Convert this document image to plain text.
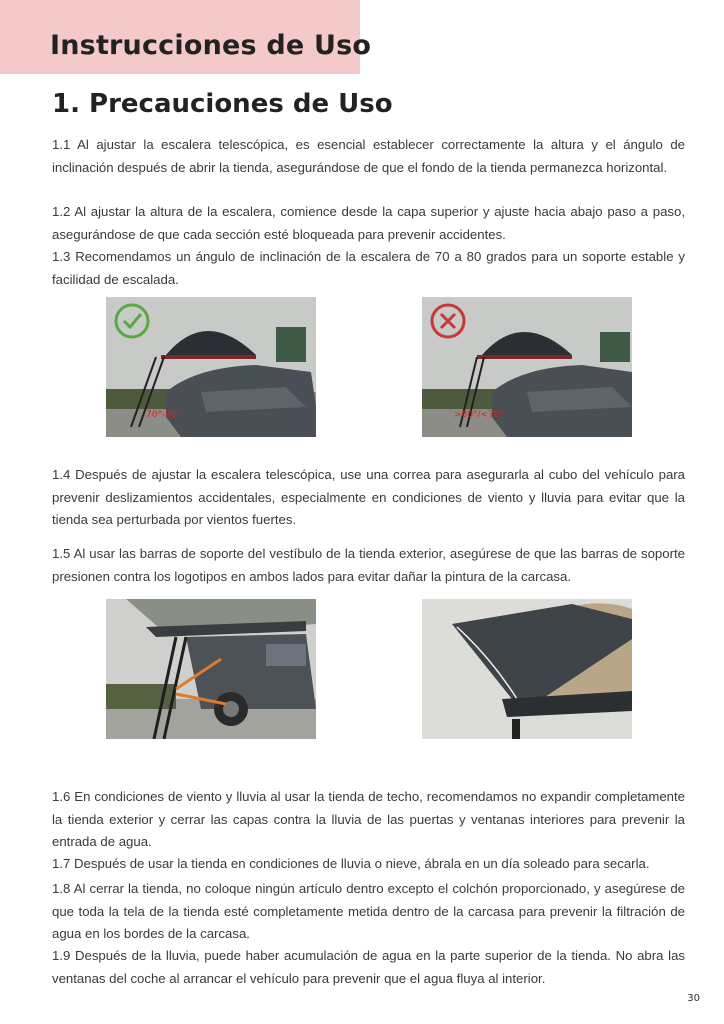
Instrucciones de Uso
1. Precauciones de Uso
1.1 Al ajustar la escalera telescópica, es esencial establecer correctamente la altura y el ángulo de inclinación después de abrir la tienda, asegurándose de que el fondo de la tienda permanezca horizontal.
1.2 Al ajustar la altura de la escalera, comience desde la capa superior y ajuste hacia abajo paso a paso, asegurándose de que cada sección esté bloqueada para prevenir accidentes.
1.3 Recomendamos un ángulo de inclinación de la escalera de 70 a 80 grados para un soporte estable y facilidad de escalada.
70°-80°	>80°/<70°
1.4 Después de ajustar la escalera telescópica, use una correa para asegurarla al cubo del vehículo para prevenir deslizamientos accidentales, especialmente en condiciones de viento y lluvia para evitar que la tienda sea perturbada por vientos fuertes.
1.5 Al usar las barras de soporte del vestíbulo de la tienda exterior, asegúrese de que las barras de soporte presionen contra los logotipos en ambos lados para evitar dañar la pintura de la carcasa.
1.6 En condiciones de viento y lluvia al usar la tienda de techo, recomendamos no expandir completamente la tienda exterior y cerrar las capas contra la lluvia de las puertas y ventanas interiores para prevenir la entrada de agua.
1.7 Después de usar la tienda en condiciones de lluvia o nieve, ábrala en un día soleado para secarla.
1.8 Al cerrar la tienda, no coloque ningún artículo dentro excepto el colchón proporcionado, y asegúrese de que toda la tela de la tienda esté completamente metida dentro de la carcasa para prevenir la filtración de agua en los bordes de la carcasa.
1.9 Después de la lluvia, puede haber acumulación de agua en la parte superior de la tienda. No abra las ventanas del coche al arrancar el vehículo para prevenir que el agua fluya al interior.
30
